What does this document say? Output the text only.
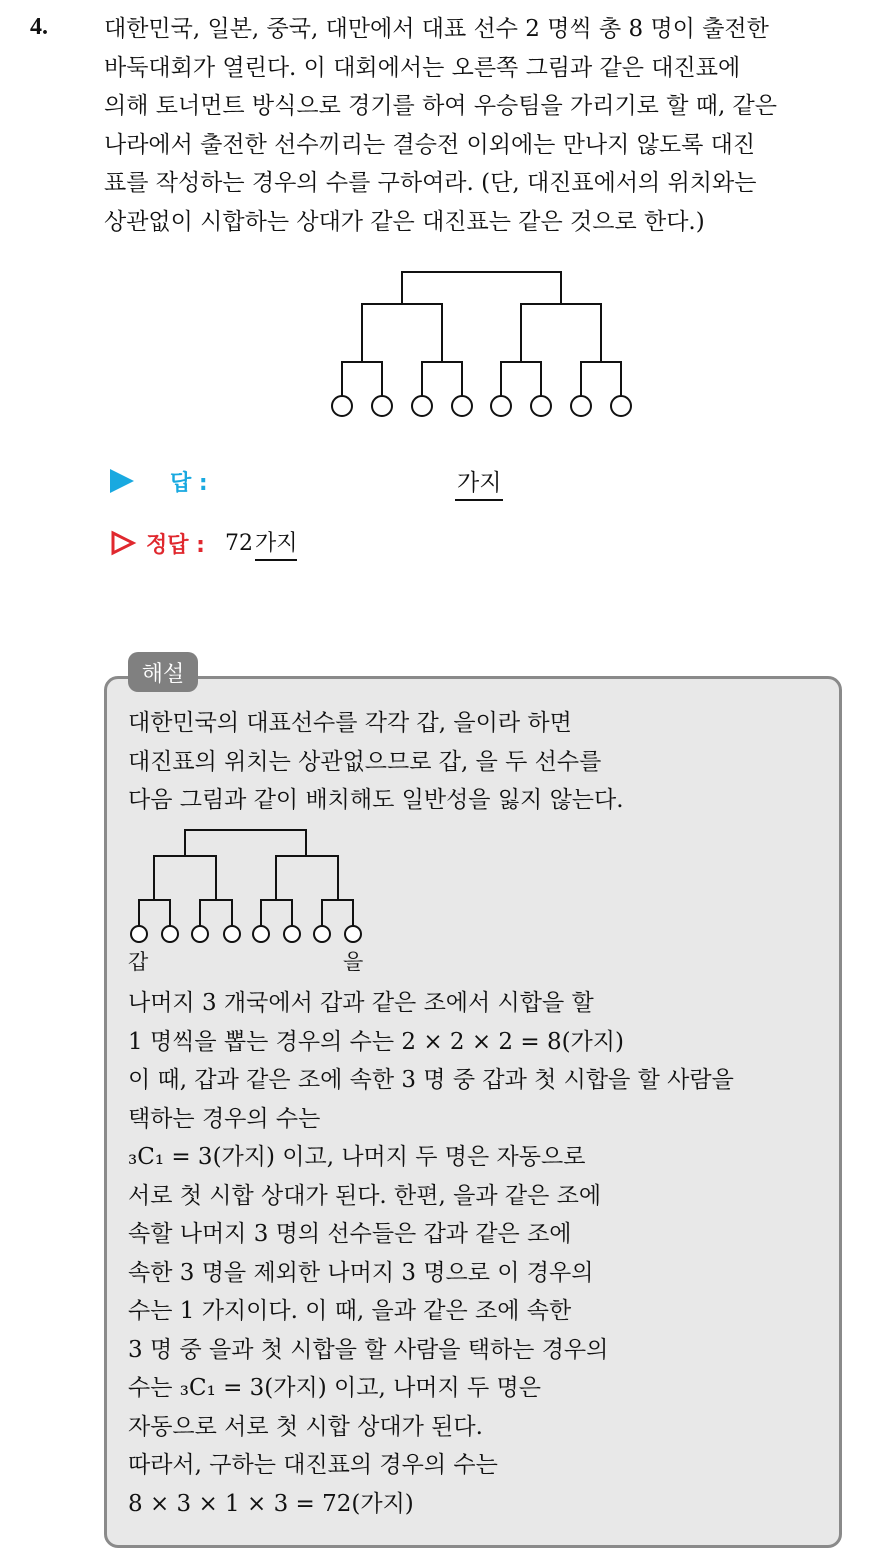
4. 대한민국, 일본, 중국, 대만에서 대표 선수 2 명씩 총 8 명이 출전한
바둑대회가 열린다. 이 대회에서는 오른쪽 그림과 같은 대진표에
의해 토너먼트 방식으로 경기를 하여 우승팀을 가리기로 할 때, 같은
나라에서 출전한 선수끼리는 결승전 이외에는 만나지 않도록 대진
표를 작성하는 경우의 수를 구하여라. (단, 대진표에서의 위치와는
상관없이 시합하는 상대가 같은 대진표는 같은 것으로 한다.)
답 :	가지
정답 : 72 가지
해설
대한민국의 대표선수를 각각 갑, 을이라 하면
대진표의 위치는 상관없으므로 갑, 을 두 선수를
다음 그림과 같이 배치해도 일반성을 잃지 않는다.
갑	을
나머지 3 개국에서 갑과 같은 조에서 시합을 할
1 명씩을 뽑는 경우의 수는 2 × 2 × 2 = 8(가지)
이 때, 갑과 같은 조에 속한 3 명 중 갑과 첫 시합을 할 사람을
택하는 경우의 수는
₃C₁ = 3(가지) 이고, 나머지 두 명은 자동으로
서로 첫 시합 상대가 된다. 한편, 을과 같은 조에
속할 나머지 3 명의 선수들은 갑과 같은 조에
속한 3 명을 제외한 나머지 3 명으로 이 경우의
수는 1 가지이다. 이 때, 을과 같은 조에 속한
3 명 중 을과 첫 시합을 할 사람을 택하는 경우의
수는 ₃C₁ = 3(가지) 이고, 나머지 두 명은
자동으로 서로 첫 시합 상대가 된다.
따라서, 구하는 대진표의 경우의 수는
8 × 3 × 1 × 3 = 72(가지)
